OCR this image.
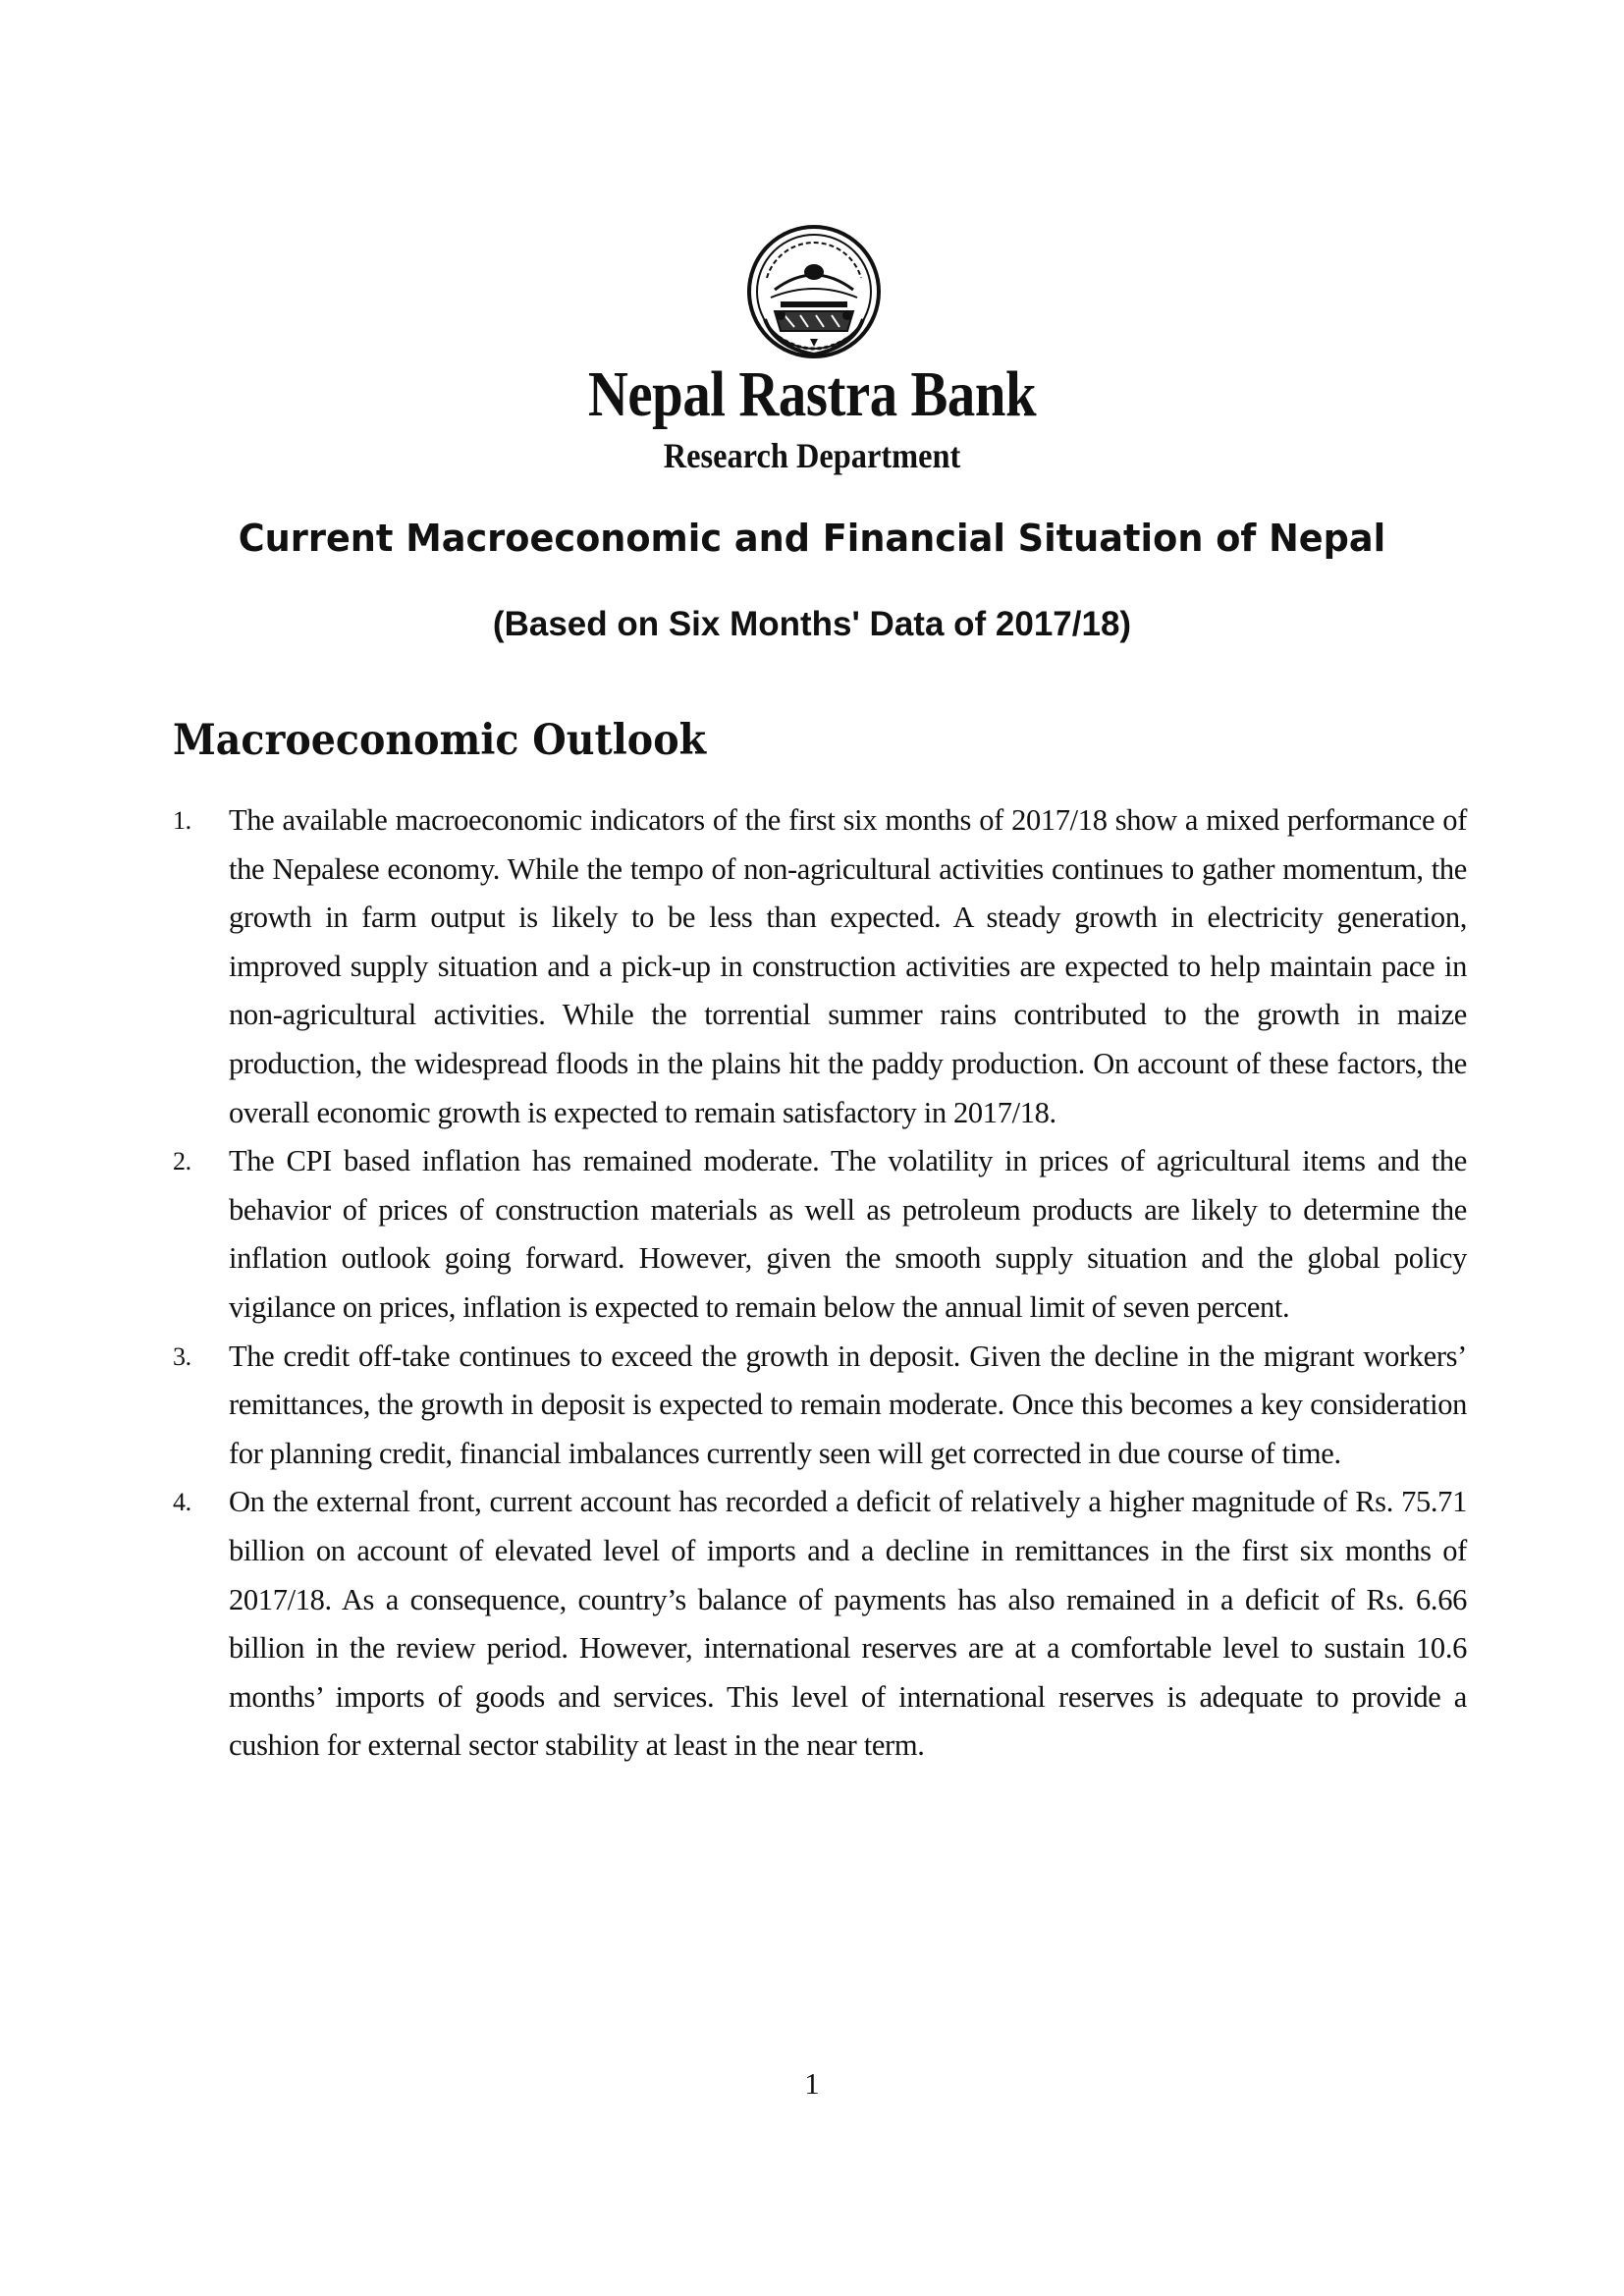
Nepal Rastra Bank
Research Department
Current Macroeconomic and Financial Situation of Nepal
(Based on Six Months' Data of 2017/18)
Macroeconomic Outlook
1. The available macroeconomic indicators of the first six months of 2017/18 show a mixed performance of the Nepalese economy. While the tempo of non-agricultural activities continues to gather momentum, the growth in farm output is likely to be less than expected. A steady growth in electricity generation, improved supply situation and a pick-up in construction activities are expected to help maintain pace in non-agricultural activities. While the torrential summer rains contributed to the growth in maize production, the widespread floods in the plains hit the paddy production. On account of these factors, the overall economic growth is expected to remain satisfactory in 2017/18.
2. The CPI based inflation has remained moderate. The volatility in prices of agricultural items and the behavior of prices of construction materials as well as petroleum products are likely to determine the inflation outlook going forward. However, given the smooth supply situation and the global policy vigilance on prices, inflation is expected to remain below the annual limit of seven percent.
3. The credit off-take continues to exceed the growth in deposit. Given the decline in the migrant workers’ remittances, the growth in deposit is expected to remain moderate. Once this becomes a key consideration for planning credit, financial imbalances currently seen will get corrected in due course of time.
4. On the external front, current account has recorded a deficit of relatively a higher magnitude of Rs. 75.71 billion on account of elevated level of imports and a decline in remittances in the first six months of 2017/18. As a consequence, country’s balance of payments has also remained in a deficit of Rs. 6.66 billion in the review period. However, international reserves are at a comfortable level to sustain 10.6 months’ imports of goods and services. This level of international reserves is adequate to provide a cushion for external sector stability at least in the near term.
1
